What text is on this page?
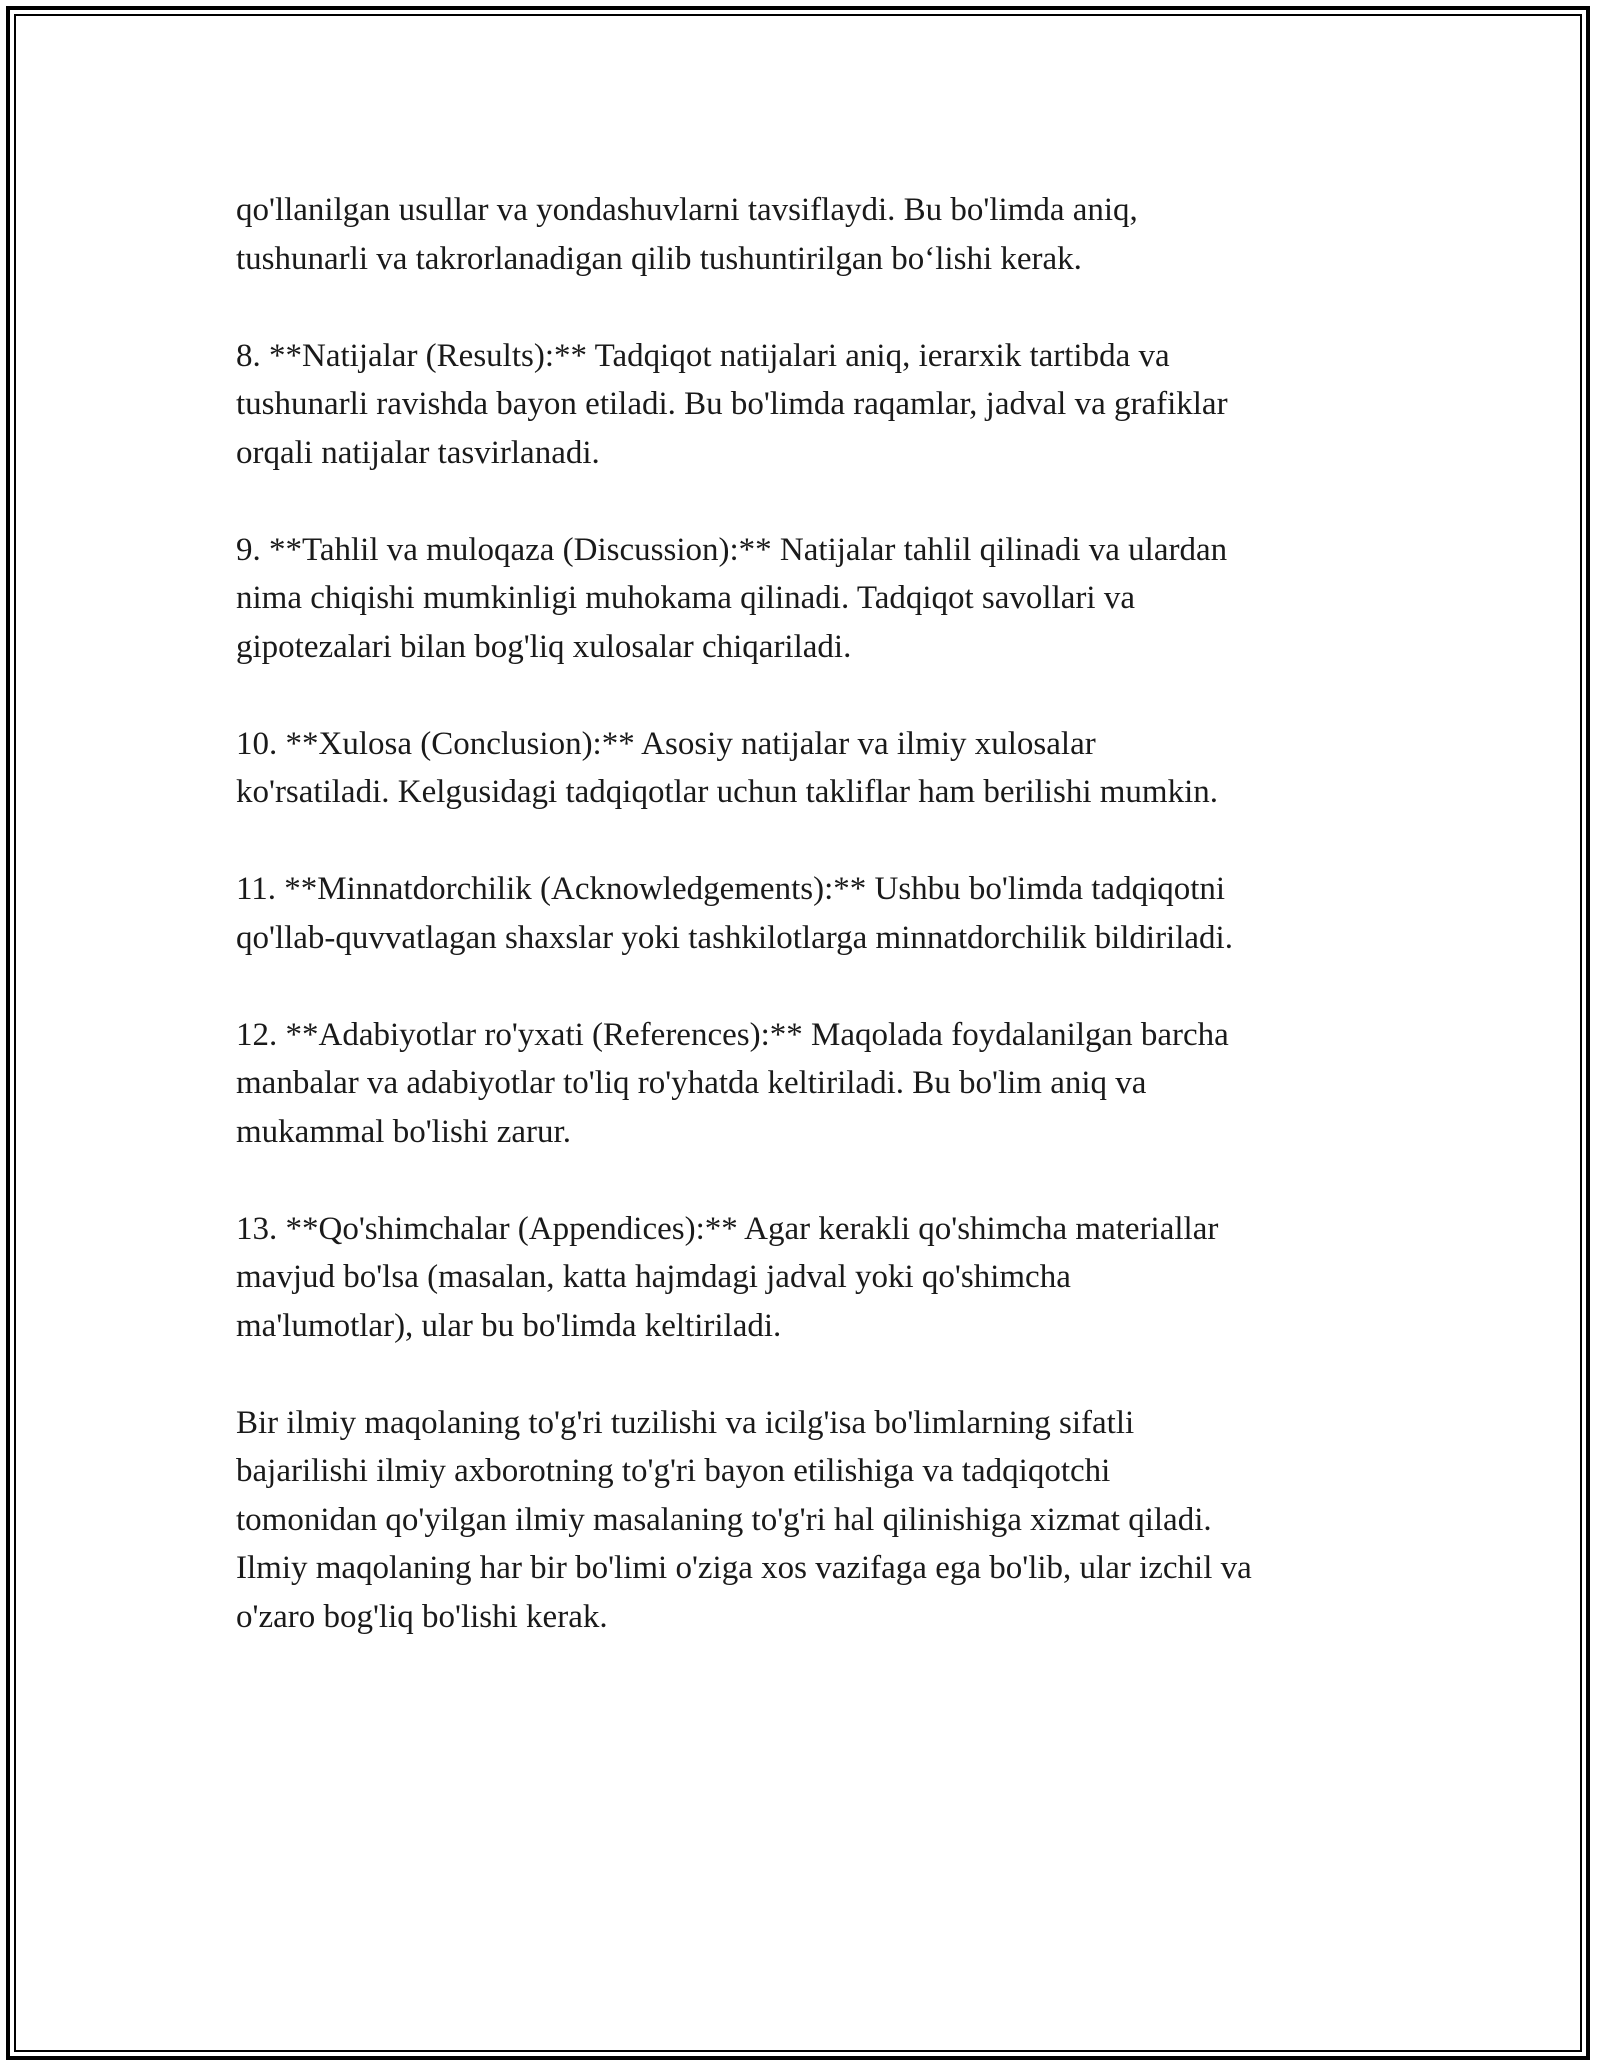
qo'llanilgan usullar va yondashuvlarni tavsiflaydi. Bu bo'limda aniq,
tushunarli va takrorlanadigan qilib tushuntirilgan bo‘lishi kerak.

8. **Natijalar (Results):** Tadqiqot natijalari aniq, ierarxik tartibda va
tushunarli ravishda bayon etiladi. Bu bo'limda raqamlar, jadval va grafiklar
orqali natijalar tasvirlanadi.

9. **Tahlil va muloqaza (Discussion):** Natijalar tahlil qilinadi va ulardan
nima chiqishi mumkinligi muhokama qilinadi. Tadqiqot savollari va
gipotezalari bilan bog'liq xulosalar chiqariladi.

10. **Xulosa (Conclusion):** Asosiy natijalar va ilmiy xulosalar
ko'rsatiladi. Kelgusidagi tadqiqotlar uchun takliflar ham berilishi mumkin.

11. **Minnatdorchilik (Acknowledgements):** Ushbu bo'limda tadqiqotni
qo'llab-quvvatlagan shaxslar yoki tashkilotlarga minnatdorchilik bildiriladi.

12. **Adabiyotlar ro'yxati (References):** Maqolada foydalanilgan barcha
manbalar va adabiyotlar to'liq ro'yhatda keltiriladi. Bu bo'lim aniq va
mukammal bo'lishi zarur.

13. **Qo'shimchalar (Appendices):** Agar kerakli qo'shimcha materiallar
mavjud bo'lsa (masalan, katta hajmdagi jadval yoki qo'shimcha
ma'lumotlar), ular bu bo'limda keltiriladi.

Bir ilmiy maqolaning to'g'ri tuzilishi va icilg'isa bo'limlarning sifatli
bajarilishi ilmiy axborotning to'g'ri bayon etilishiga va tadqiqotchi
tomonidan qo'yilgan ilmiy masalaning to'g'ri hal qilinishiga xizmat qiladi.
Ilmiy maqolaning har bir bo'limi o'ziga xos vazifaga ega bo'lib, ular izchil va
o'zaro bog'liq bo'lishi kerak.
